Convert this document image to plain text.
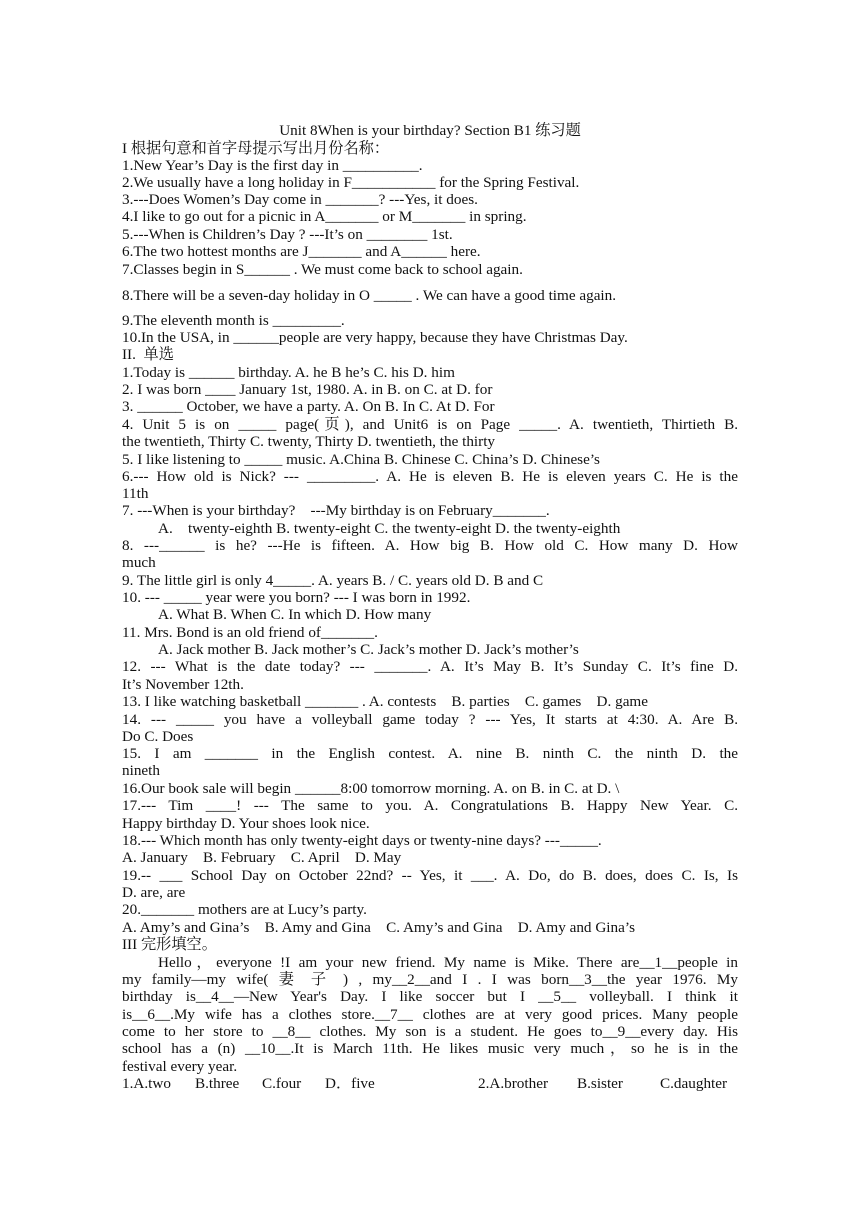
Unit 8When is your birthday? Section B1 练习题
I 根据句意和首字母提示写出月份名称：
1.New Year’s Day is the first day in __________.
2.We usually have a long holiday in F___________ for the Spring Festival.
3.---Does Women’s Day come in _______? ---Yes, it does.
4.I like to go out for a picnic in A_______ or M_______ in spring.
5.---When is Children’s Day ? ---It’s on ________ 1st.
6.The two hottest months are J_______ and A______ here.
7.Classes begin in S______ . We must come back to school again.
8.There will be a seven-day holiday in O _____ . We can have a good time again.
9.The eleventh month is _________.
10.In the USA, in ______people are very happy, because they have Christmas Day.
II.  单选
1.Today is ______ birthday. A. he B he’s C. his D. him
2. I was born ____ January 1st, 1980. A. in B. on C. at D. for
3. ______ October, we have a party. A. On B. In C. At D. For
4. Unit 5 is on _____ page(页), and Unit6 is on Page _____. A. twentieth, Thirtieth B.
the twentieth, Thirty C. twenty, Thirty D. twentieth, the thirty
5. I like listening to _____ music. A.China B. Chinese C. China’s D. Chinese’s
6.--- How old is Nick? --- _________. A. He is eleven B. He is eleven years C. He is the
11th
7. ---When is your birthday?    ---My birthday is on February_______.
A.    twenty-eighth B. twenty-eight C. the twenty-eight D. the twenty-eighth
8. ---______ is he? ---He is fifteen. A. How big B. How old C. How many D. How
much
9. The little girl is only 4_____. A. years B. / C. years old D. B and C
10. --- _____ year were you born? --- I was born in 1992.
A. What B. When C. In which D. How many
11. Mrs. Bond is an old friend of_______.
A. Jack mother B. Jack mother’s C. Jack’s mother D. Jack’s mother’s
12. --- What is the date today? --- _______. A. It’s May B. It’s Sunday C. It’s fine D.
It’s November 12th.
13. I like watching basketball _______ . A. contests    B. parties    C. games    D. game
14. --- _____ you have a volleyball game today ? --- Yes, It starts at 4:30. A. Are B.
Do C. Does
15. I am _______ in the English contest. A. nine B. ninth C. the ninth D. the
nineth
16.Our book sale will begin ______8:00 tomorrow morning. A. on B. in C. at D. \
17.--- Tim ____! --- The same to you. A. Congratulations B. Happy New Year. C.
Happy birthday D. Your shoes look nice.
18.--- Which month has only twenty-eight days or twenty-nine days? ---_____.
A. January    B. February    C. April    D. May
19.-- ___ School Day on October 22nd? -- Yes, it ___. A. Do, do B. does, does C. Is, Is
D. are, are
20._______ mothers are at Lucy’s party.
A. Amy’s and Gina’s    B. Amy and Gina    C. Amy’s and Gina    D. Amy and Gina’s
III 完形填空。
Hello，everyone !I am your new friend. My name is Mike. There are__1__people in
my family—my wife( 妻 子 ) , my__2__and I . I was born__3__the year 1976. My
birthday is__4__—New Year's Day. I like soccer but I __5__ volleyball. I think it
is__6__.My wife has a clothes store.__7__ clothes are at very good prices. Many people
come to her store to __8__ clothes. My son is a student. He goes to__9__every day. His
school has a (n) __10__.It is March 11th. He likes music very much，so he is in the
festival every year.
1.A.two B.three C.four D．five	2.A.brother B.sister C.daughter
